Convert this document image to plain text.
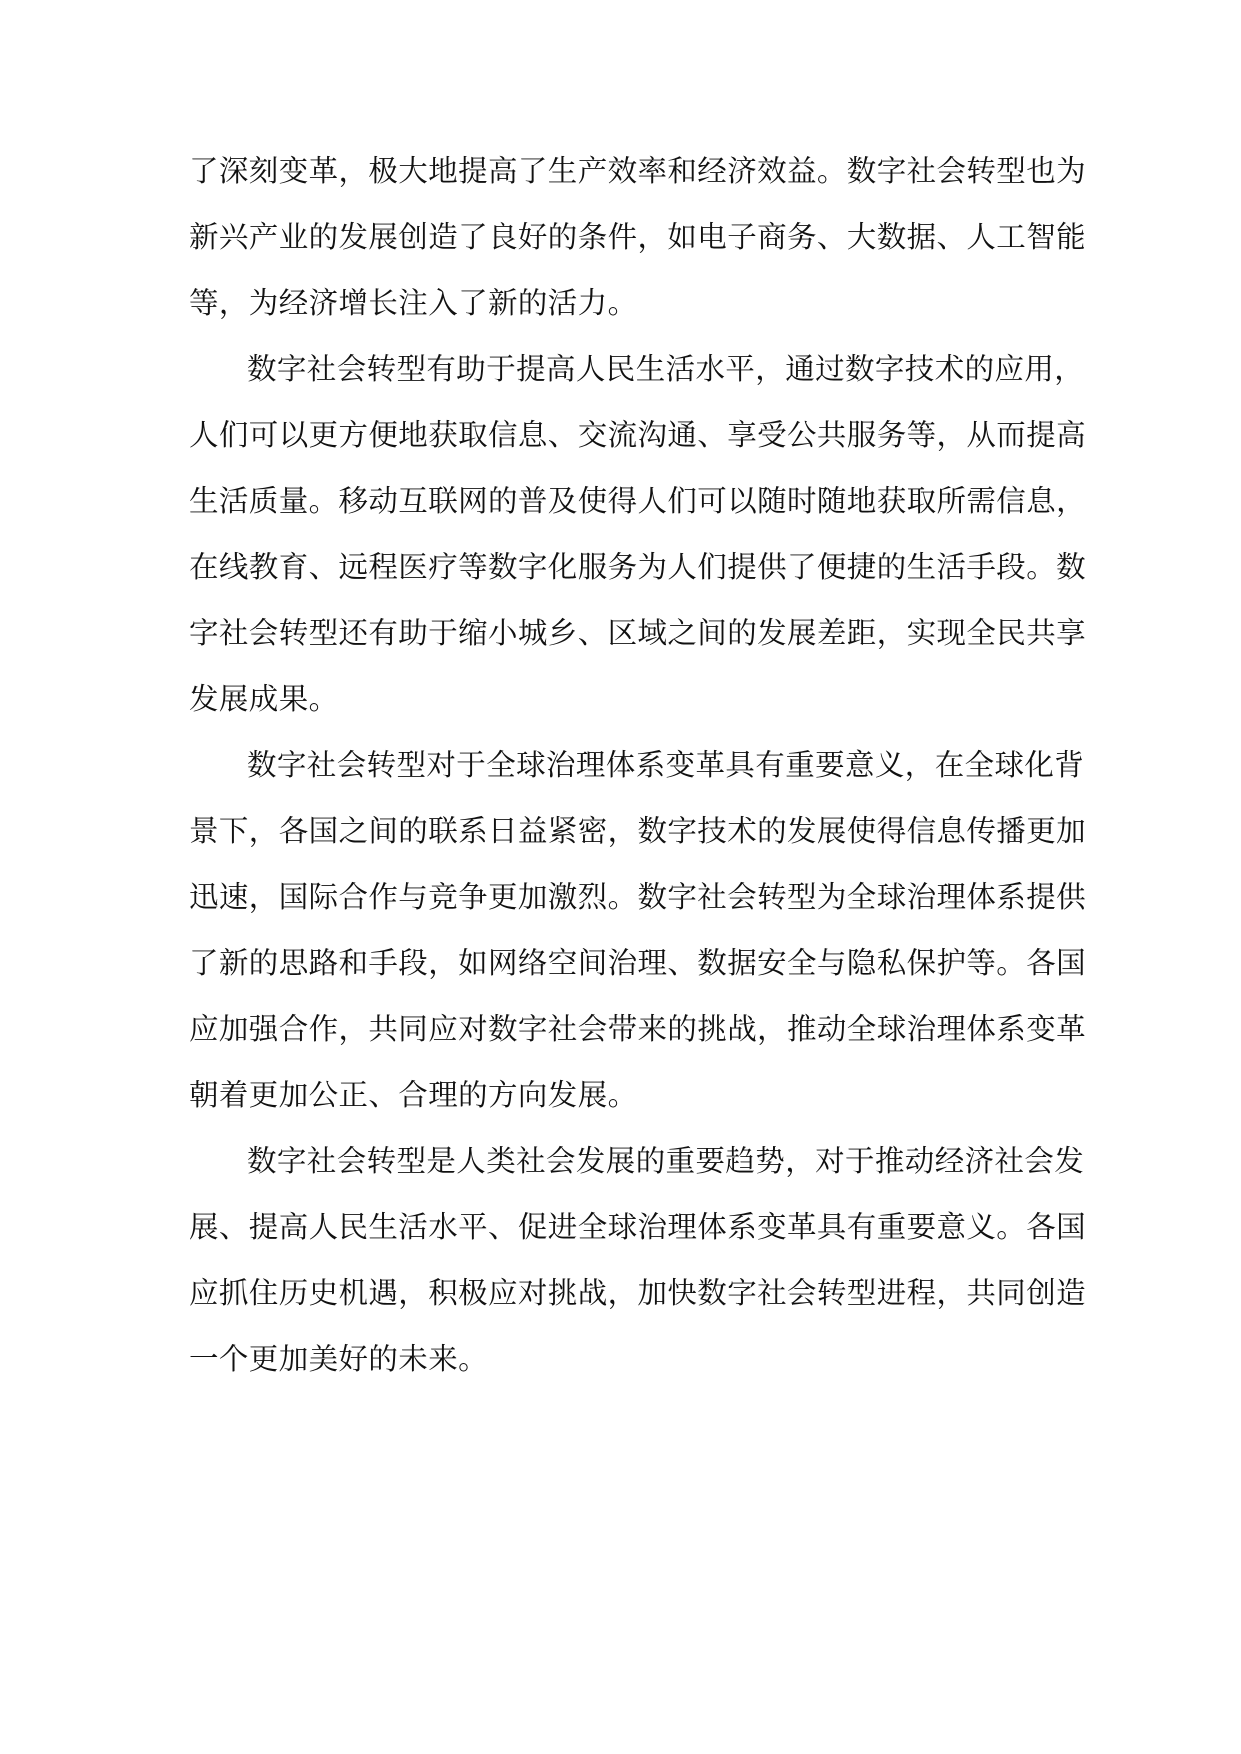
了深刻变革，极大地提高了生产效率和经济效益。数字社会转型也为
新兴产业的发展创造了良好的条件，如电子商务、大数据、人工智能
等，为经济增长注入了新的活力。
数字社会转型有助于提高人民生活水平，通过数字技术的应用，
人们可以更方便地获取信息、交流沟通、享受公共服务等，从而提高
生活质量。移动互联网的普及使得人们可以随时随地获取所需信息，
在线教育、远程医疗等数字化服务为人们提供了便捷的生活手段。数
字社会转型还有助于缩小城乡、区域之间的发展差距，实现全民共享
发展成果。
数字社会转型对于全球治理体系变革具有重要意义，在全球化背
景下，各国之间的联系日益紧密，数字技术的发展使得信息传播更加
迅速，国际合作与竞争更加激烈。数字社会转型为全球治理体系提供
了新的思路和手段，如网络空间治理、数据安全与隐私保护等。各国
应加强合作，共同应对数字社会带来的挑战，推动全球治理体系变革
朝着更加公正、合理的方向发展。
数字社会转型是人类社会发展的重要趋势，对于推动经济社会发
展、提高人民生活水平、促进全球治理体系变革具有重要意义。各国
应抓住历史机遇，积极应对挑战，加快数字社会转型进程，共同创造
一个更加美好的未来。
